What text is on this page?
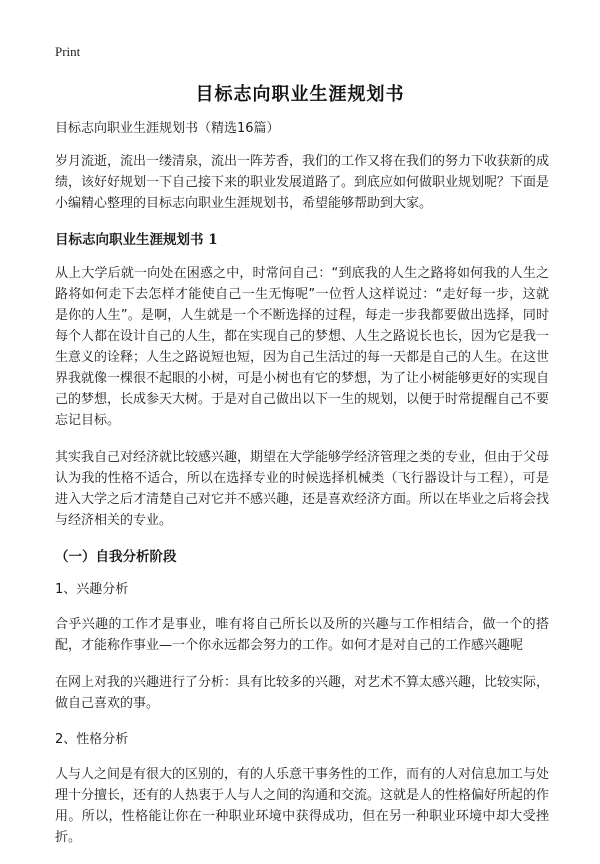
Print
目标志向职业生涯规划书

目标志向职业生涯规划书（精选16篇）

岁月流逝，流出一缕清泉，流出一阵芳香，我们的工作又将在我们的努力下收获新的成绩，该好好规划一下自己接下来的职业发展道路了。到底应如何做职业规划呢？下面是小编精心整理的目标志向职业生涯规划书，希望能够帮助到大家。

目标志向职业生涯规划书 1

从上大学后就一向处在困惑之中，时常问自己：“到底我的人生之路将如何我的人生之路将如何走下去怎样才能使自己一生无悔呢”一位哲人这样说过：“走好每一步，这就是你的人生”。是啊，人生就是一个不断选择的过程，每走一步我都要做出选择，同时每个人都在设计自己的人生，都在实现自己的梦想、人生之路说长也长，因为它是我一生意义的诠释；人生之路说短也短，因为自己生活过的每一天都是自己的人生。在这世界我就像一棵很不起眼的小树，可是小树也有它的梦想，为了让小树能够更好的实现自己的梦想，长成参天大树。于是对自己做出以下一生的规划，以便于时常提醒自己不要忘记目标。

其实我自己对经济就比较感兴趣，期望在大学能够学经济管理之类的专业，但由于父母认为我的性格不适合，所以在选择专业的时候选择机械类（飞行器设计与工程），可是进入大学之后才清楚自己对它并不感兴趣，还是喜欢经济方面。所以在毕业之后将会找与经济相关的专业。

（一）自我分析阶段
1、兴趣分析

合乎兴趣的工作才是事业，唯有将自己所长以及所的兴趣与工作相结合，做一个的搭配，才能称作事业—一个你永远都会努力的工作。如何才是对自己的工作感兴趣呢

在网上对我的兴趣进行了分析：具有比较多的兴趣，对艺术不算太感兴趣，比较实际，做自己喜欢的事。

2、性格分析

人与人之间是有很大的区别的，有的人乐意干事务性的工作，而有的人对信息加工与处理十分擅长，还有的人热衷于人与人之间的沟通和交流。这就是人的性格偏好所起的作用。所以，性格能让你在一种职业环境中获得成功，但在另一种职业环境中却大受挫折。
